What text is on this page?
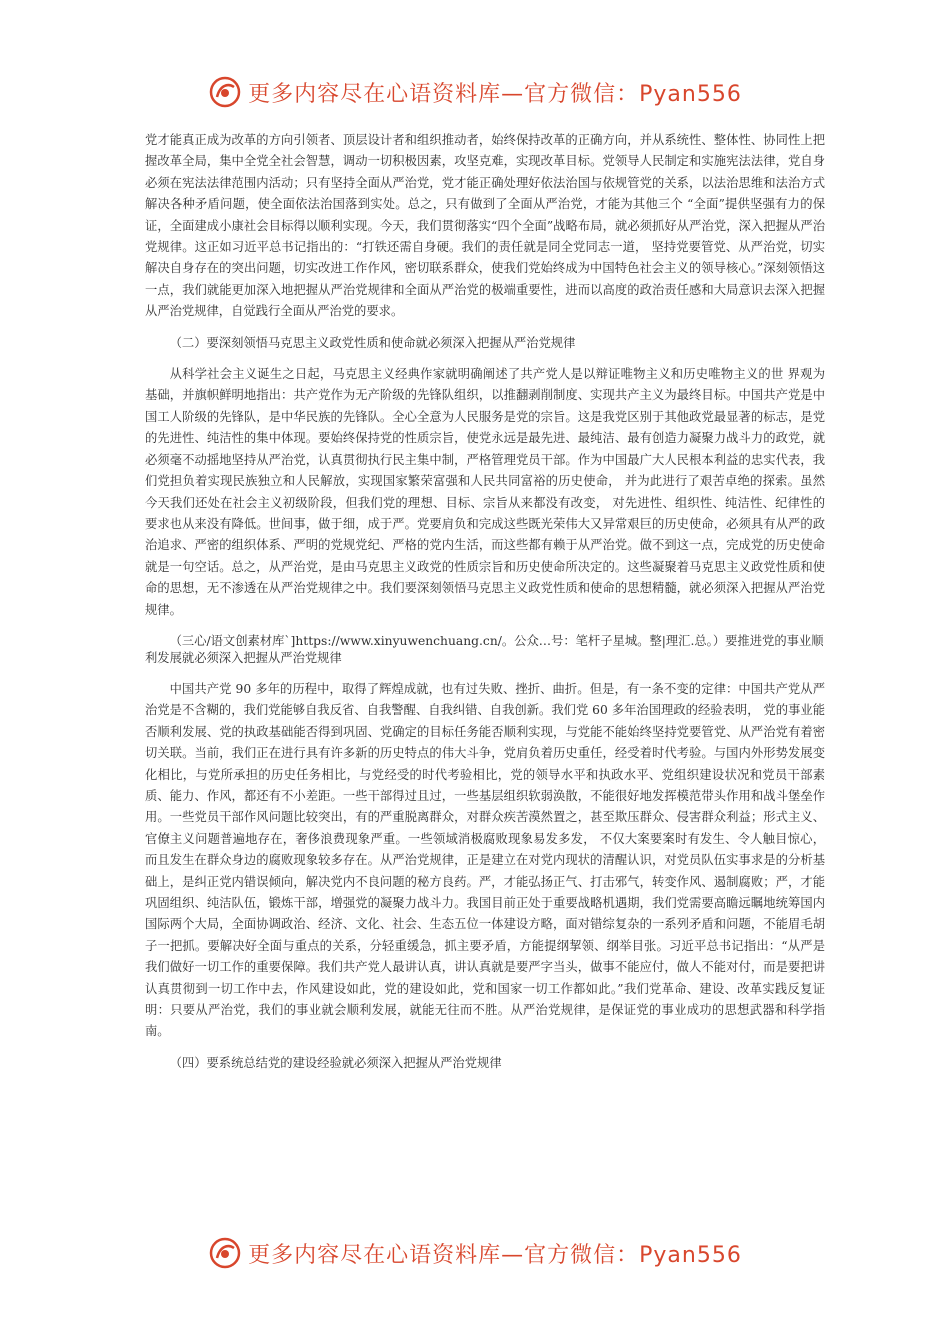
更多内容尽在心语资料库—官方微信：Pyan556

党才能真正成为改革的方向引领者、顶层设计者和组织推动者，始终保持改革的正确方向，并从系统性、整体性、协同性上把握改革全局，集中全党全社会智慧，调动一切积极因素，攻坚克难，实现改革目标。党领导人民制定和实施宪法法律，党自身必须在宪法法律范围内活动；只有坚持全面从严治党，党才能正确处理好依法治国与依规管党的关系，以法治思维和法治方式解决各种矛盾问题，使全面依法治国落到实处。总之，只有做到了全面从严治党，才能为其他三个 “全面”提供坚强有力的保证，全面建成小康社会目标得以顺利实现。今天，我们贯彻落实“四个全面”战略布局，就必须抓好从严治党，深入把握从严治党规律。这正如习近平总书记指出的：“打铁还需自身硬。我们的责任就是同全党同志一道， 坚持党要管党、从严治党，切实解决自身存在的突出问题，切实改进工作作风，密切联系群众，使我们党始终成为中国特色社会主义的领导核心。”深刻领悟这一点，我们就能更加深入地把握从严治党规律和全面从严治党的极端重要性，进而以高度的政治责任感和大局意识去深入把握从严治党规律，自觉践行全面从严治党的要求。

（二）要深刻领悟马克思主义政党性质和使命就必须深入把握从严治党规律

从科学社会主义诞生之日起，马克思主义经典作家就明确阐述了共产党人是以辩证唯物主义和历史唯物主义的世 界观为基础，并旗帜鲜明地指出：共产党作为无产阶级的先锋队组织，以推翻剥削制度、实现共产主义为最终目标。中国共产党是中国工人阶级的先锋队，是中华民族的先锋队。全心全意为人民服务是党的宗旨。这是我党区别于其他政党最显著的标志，是党的先进性、纯洁性的集中体现。要始终保持党的性质宗旨，使党永远是最先进、最纯洁、最有创造力凝聚力战斗力的政党，就必须毫不动摇地坚持从严治党，认真贯彻执行民主集中制，严格管理党员干部。作为中国最广大人民根本利益的忠实代表，我们党担负着实现民族独立和人民解放，实现国家繁荣富强和人民共同富裕的历史使命， 并为此进行了艰苦卓绝的探索。虽然今天我们还处在社会主义初级阶段，但我们党的理想、目标、宗旨从来都没有改变， 对先进性、组织性、纯洁性、纪律性的要求也从来没有降低。世间事，做于细，成于严。党要肩负和完成这些既光荣伟大又异常艰巨的历史使命，必须具有从严的政治追求、严密的组织体系、严明的党规党纪、严格的党内生活，而这些都有赖于从严治党。做不到这一点，完成党的历史使命就是一句空话。总之，从严治党，是由马克思主义政党的性质宗旨和历史使命所决定的。这些凝聚着马克思主义政党性质和使命的思想，无不渗透在从严治党规律之中。我们要深刻领悟马克思主义政党性质和使命的思想精髓，就必须深入把握从严治党规律。

（三心/语文创素材库`]https://www.xinyuwenchuang.cn/。公众…号：笔杆子星城。整|理汇.总。）要推进党的事业顺利发展就必须深入把握从严治党规律

中国共产党 90 多年的历程中，取得了辉煌成就，也有过失败、挫折、曲折。但是，有一条不变的定律：中国共产党从严治党是不含糊的，我们党能够自我反省、自我警醒、自我纠错、自我创新。我们党 60 多年治国理政的经验表明， 党的事业能否顺利发展、党的执政基础能否得到巩固、党确定的目标任务能否顺利实现，与党能不能始终坚持党要管党、从严治党有着密切关联。当前，我们正在进行具有许多新的历史特点的伟大斗争，党肩负着历史重任，经受着时代考验。与国内外形势发展变化相比，与党所承担的历史任务相比，与党经受的时代考验相比，党的领导水平和执政水平、党组织建设状况和党员干部素质、能力、作风，都还有不小差距。一些干部得过且过，一些基层组织软弱涣散，不能很好地发挥模范带头作用和战斗堡垒作用。一些党员干部作风问题比较突出，有的严重脱离群众，对群众疾苦漠然置之，甚至欺压群众、侵害群众利益；形式主义、官僚主义问题普遍地存在，奢侈浪费现象严重。一些领域消极腐败现象易发多发， 不仅大案要案时有发生、令人触目惊心，而且发生在群众身边的腐败现象较多存在。从严治党规律，正是建立在对党内现状的清醒认识，对党员队伍实事求是的分析基础上，是纠正党内错误倾向，解决党内不良问题的秘方良药。严，才能弘扬正气、打击邪气，转变作风、遏制腐败；严，才能巩固组织、纯洁队伍，锻炼干部，增强党的凝聚力战斗力。我国目前正处于重要战略机遇期，我们党需要高瞻远瞩地统筹国内国际两个大局，全面协调政治、经济、文化、社会、生态五位一体建设方略，面对错综复杂的一系列矛盾和问题，不能眉毛胡子一把抓。要解决好全面与重点的关系，分轻重缓急，抓主要矛盾，方能提纲挈领、纲举目张。习近平总书记指出：“从严是我们做好一切工作的重要保障。我们共产党人最讲认真，讲认真就是要严字当头，做事不能应付，做人不能对付，而是要把讲认真贯彻到一切工作中去，作风建设如此，党的建设如此，党和国家一切工作都如此。”我们党革命、建设、改革实践反复证明：只要从严治党，我们的事业就会顺利发展，就能无往而不胜。从严治党规律，是保证党的事业成功的思想武器和科学指南。

（四）要系统总结党的建设经验就必须深入把握从严治党规律

更多内容尽在心语资料库—官方微信：Pyan556
